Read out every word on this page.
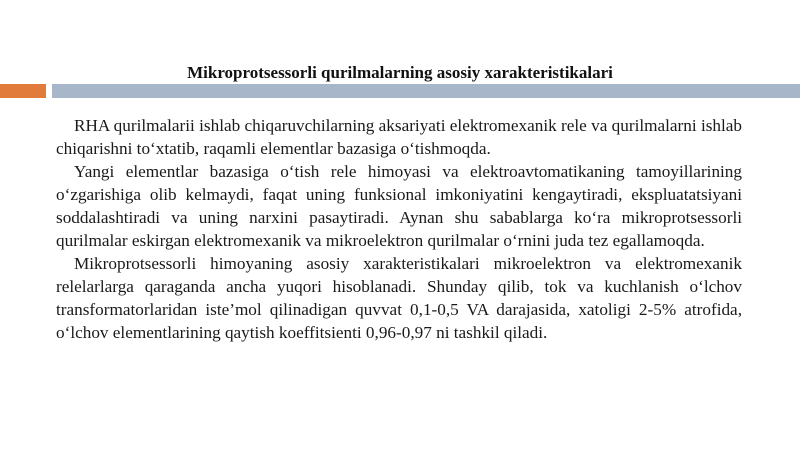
Mikroprotsessorli qurilmalarning asosiy xarakteristikalari

RHA qurilmalarii ishlab chiqaruvchilarning aksariyati elektromexanik rele va qurilmalarni ishlab chiqarishni to‘xtatib, raqamli elementlar bazasiga o‘tishmoqda.

Yangi elementlar bazasiga o‘tish rele himoyasi va elektroavtomatikaning tamoyillarining o‘zgarishiga olib kelmaydi, faqat uning funksional imkoniyatini kengaytiradi, ekspluatatsiyani soddalashtiradi va uning narxini pasaytiradi. Aynan shu sabablarga ko‘ra mikroprotsessorli qurilmalar eskirgan elektromexanik va mikroelektron qurilmalar o‘rnini juda tez egallamoqda.

Mikroprotsessorli himoyaning asosiy xarakteristikalari mikroelektron va elektromexanik relelarlarga qaraganda ancha yuqori hisoblanadi. Shunday qilib, tok va kuchlanish o‘lchov transformatorlaridan iste’mol qilinadigan quvvat 0,1-0,5 VA darajasida, xatoligi 2-5% atrofida, o‘lchov elementlarining qaytish koeffitsienti 0,96-0,97 ni tashkil qiladi.
